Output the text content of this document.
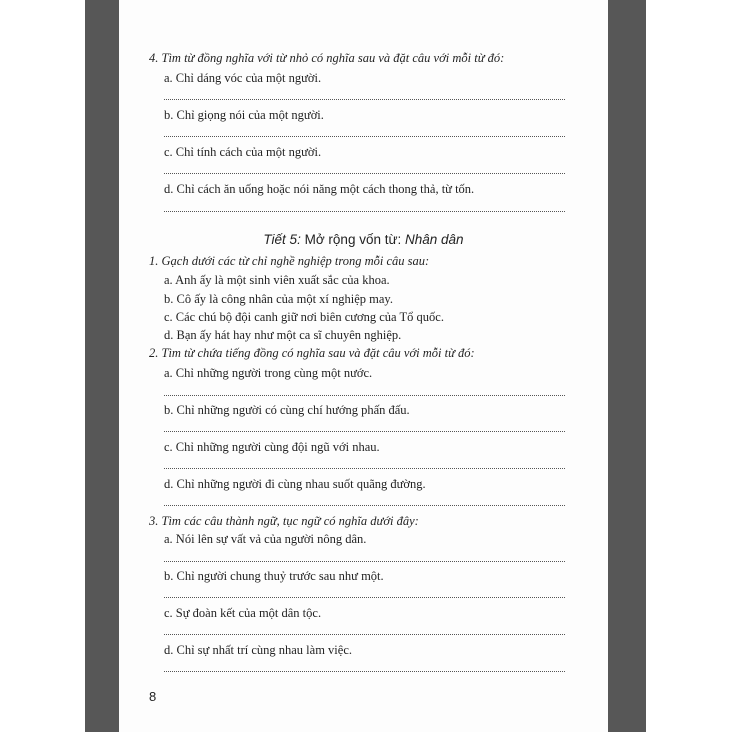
4. Tìm từ đồng nghĩa với từ nhỏ có nghĩa sau và đặt câu với mỗi từ đó:
a. Chỉ dáng vóc của một người.
b. Chỉ giọng nói của một người.
c. Chỉ tính cách của một người.
d. Chỉ cách ăn uống hoặc nói năng một cách thong thả, từ tốn.
Tiết 5: Mở rộng vốn từ: Nhân dân
1. Gạch dưới các từ chỉ nghề nghiệp trong mỗi câu sau:
a. Anh ấy là một sinh viên xuất sắc của khoa.
b. Cô ấy là công nhân của một xí nghiệp may.
c. Các chú bộ đội canh giữ nơi biên cương của Tổ quốc.
d. Bạn ấy hát hay như một ca sĩ chuyên nghiệp.
2. Tìm từ chứa tiếng đồng có nghĩa sau và đặt câu với mỗi từ đó:
a. Chỉ những người trong cùng một nước.
b. Chỉ những người có cùng chí hướng phấn đấu.
c. Chỉ những người cùng đội ngũ với nhau.
d. Chỉ những người đi cùng nhau suốt quãng đường.
3. Tìm các câu thành ngữ, tục ngữ có nghĩa dưới đây:
a. Nói lên sự vất vả của người nông dân.
b. Chỉ người chung thuỷ trước sau như một.
c. Sự đoàn kết của một dân tộc.
d. Chỉ sự nhất trí cùng nhau làm việc.
8
